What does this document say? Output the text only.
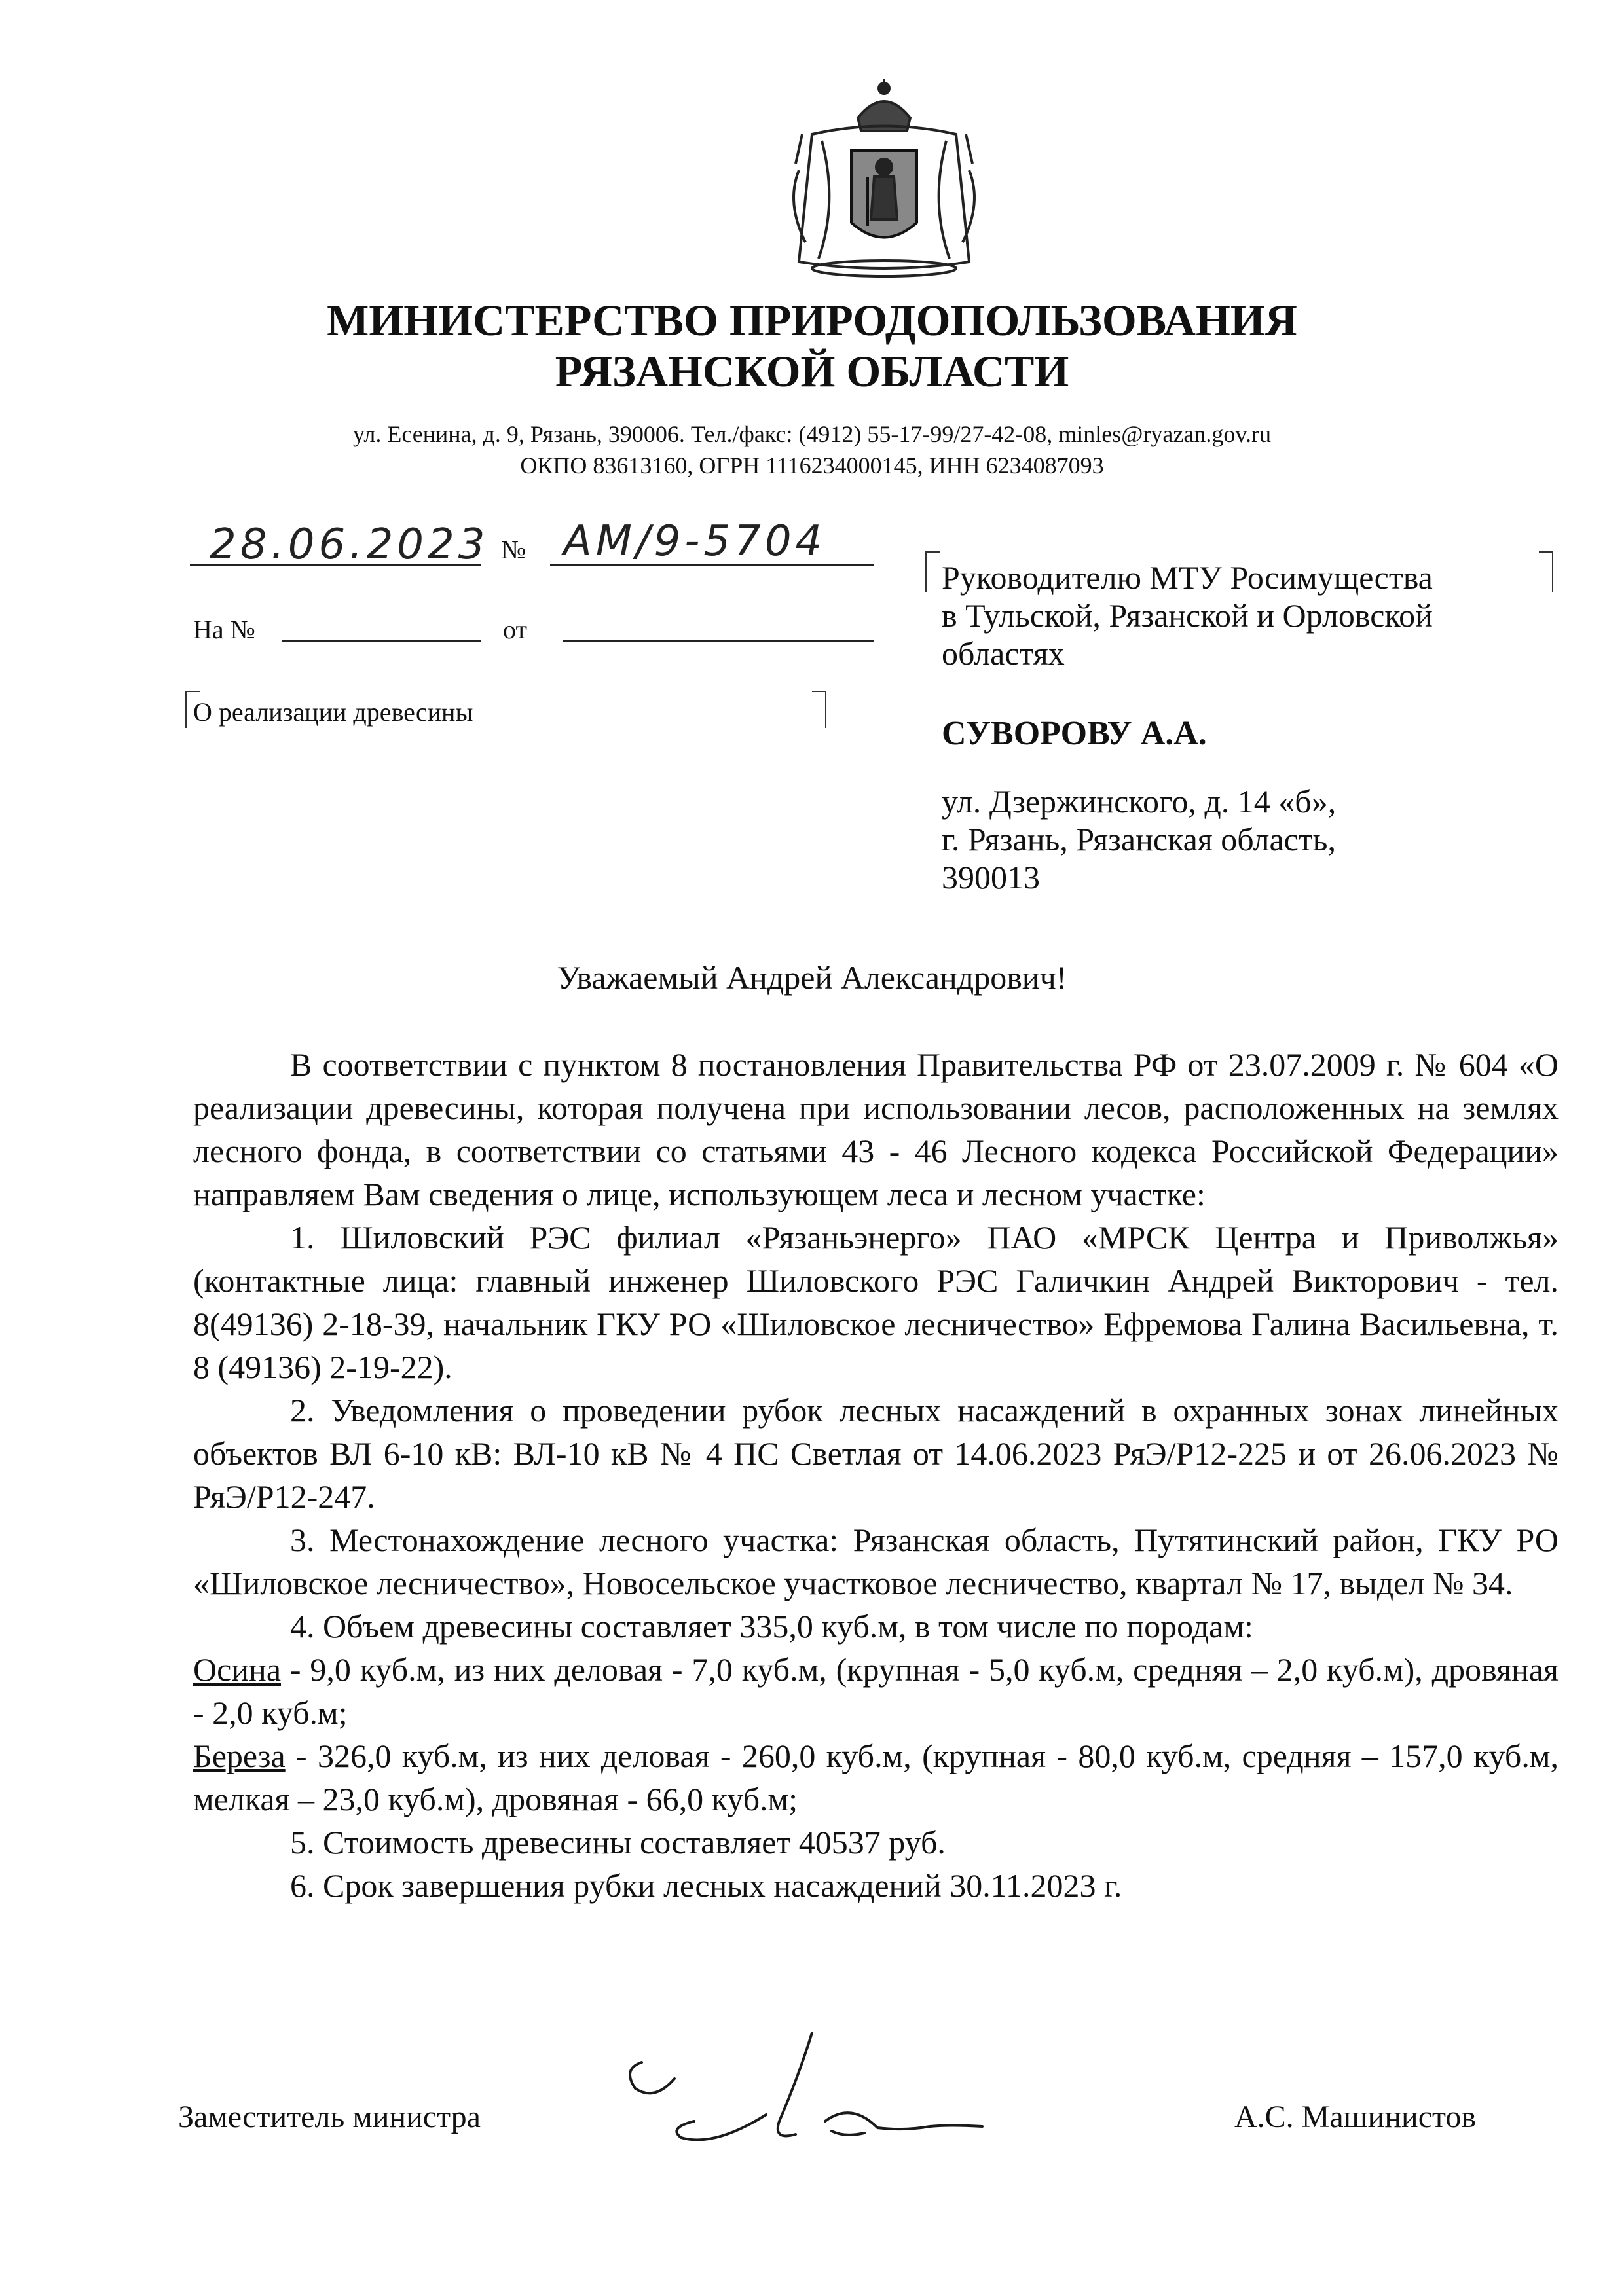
МИНИСТЕРСТВО ПРИРОДОПОЛЬЗОВАНИЯ
РЯЗАНСКОЙ ОБЛАСТИ
ул. Есенина, д. 9, Рязань, 390006. Тел./факс: (4912) 55-17-99/27-42-08, minles@ryazan.gov.ru
ОКПО 83613160, ОГРН 1116234000145, ИНН 6234087093
28.06.2023 № АМ/9-5704
На №	от
О реализации древесины
Руководителю МТУ Росимущества
в Тульской, Рязанской и Орловской
областях
СУВОРОВУ А.А.
ул. Дзержинского, д. 14 «б»,
г. Рязань, Рязанская область,
390013
Уважаемый Андрей Александрович!

В соответствии с пунктом 8 постановления Правительства РФ от 23.07.2009 г. № 604 «О реализации древесины, которая получена при использовании лесов, расположенных на землях лесного фонда, в соответствии со статьями 43 - 46 Лесного кодекса Российской Федерации» направляем Вам сведения о лице, использующем леса и лесном участке:

1. Шиловский РЭС филиал «Рязаньэнерго» ПАО «МРСК Центра и Приволжья» (контактные лица: главный инженер Шиловского РЭС Галичкин Андрей Викторович - тел. 8(49136) 2-18-39, начальник ГКУ РО «Шиловское лесничество» Ефремова Галина Васильевна, т. 8 (49136) 2-19-22).

2. Уведомления о проведении рубок лесных насаждений в охранных зонах линейных объектов ВЛ 6-10 кВ: ВЛ-10 кВ № 4 ПС Светлая от 14.06.2023 РяЭ/Р12-225 и от 26.06.2023 № РяЭ/Р12-247.

3. Местонахождение лесного участка: Рязанская область, Путятинский район, ГКУ РО «Шиловское лесничество», Новосельское участковое лесничество, квартал № 17, выдел № 34.

4. Объем древесины составляет 335,0 куб.м, в том числе по породам:

Осина - 9,0 куб.м, из них деловая - 7,0 куб.м, (крупная - 5,0 куб.м, средняя – 2,0 куб.м), дровяная - 2,0 куб.м;

Береза - 326,0 куб.м, из них деловая - 260,0 куб.м, (крупная - 80,0 куб.м, средняя – 157,0 куб.м, мелкая – 23,0 куб.м), дровяная - 66,0 куб.м;

5. Стоимость древесины составляет 40537 руб.

6. Срок завершения рубки лесных насаждений 30.11.2023 г.

Заместитель министра	А.С. Машинистов
